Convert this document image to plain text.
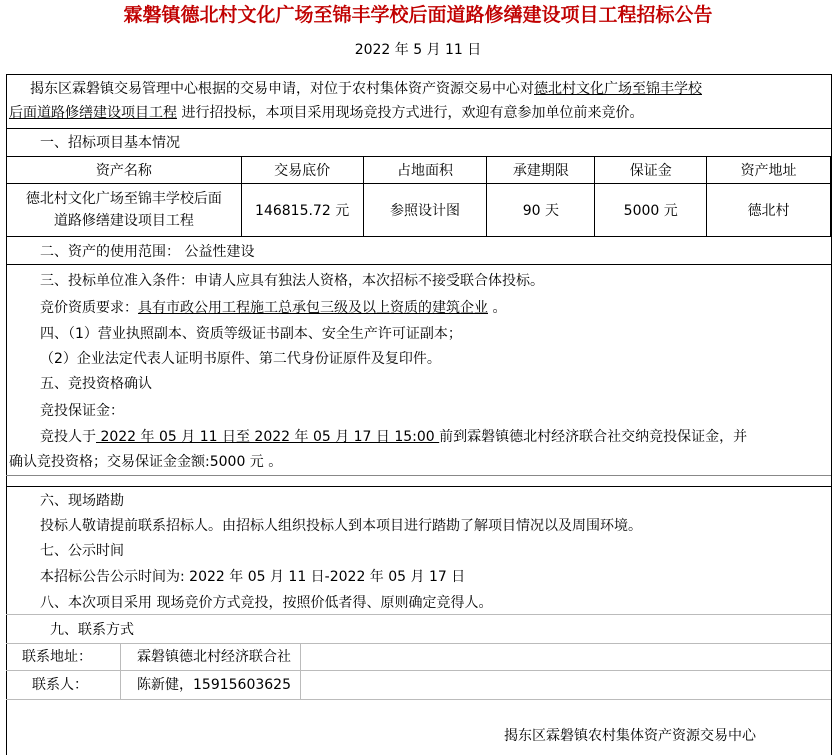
霖磐镇德北村文化广场至锦丰学校后面道路修缮建设项目工程招标公告
2022 年 5 月 11 日
揭东区霖磐镇交易管理中心根据的交易申请，对位于农村集体资产资源交易中心对德北村文化广场至锦丰学校
后面道路修缮建设项目工程 进行招投标，本项目采用现场竞投方式进行，欢迎有意参加单位前来竞价。
一、招标项目基本情况
资产名称	交易底价	占地面积	承建期限	保证金	资产地址

德北村文化广场至锦丰学校后面
道路修缮建设项目工程	146815.72 元	参照设计图	90 天	5000 元	德北村
二、资产的使用范围： 公益性建设
三、投标单位准入条件：申请人应具有独法人资格，本次招标不接受联合体投标。
竞价资质要求：具有市政公用工程施工总承包三级及以上资质的建筑企业 。
四、（1）营业执照副本、资质等级证书副本、安全生产许可证副本；
（2）企业法定代表人证明书原件、第二代身份证原件及复印件。
五、竞投资格确认
竞投保证金：
竞投人于 2022 年 05 月 11 日至 2022 年 05 月 17 日 15:00 前到霖磐镇德北村经济联合社交纳竞投保证金，并
确认竞投资格；交易保证金金额:5000 元 。
六、现场踏勘
投标人敬请提前联系招标人。由招标人组织投标人到本项目进行踏勘了解项目情况以及周围环境。
七、公示时间
本招标公告公示时间为: 2022 年 05 月 11 日-2022 年 05 月 17 日
八、本次项目采用 现场竞价方式竞投，按照价低者得、原则确定竞得人。
九、联系方式
联系地址：	霖磐镇德北村经济联合社
联系人：	陈新健，15915603625
揭东区霖磐镇农村集体资产资源交易中心
